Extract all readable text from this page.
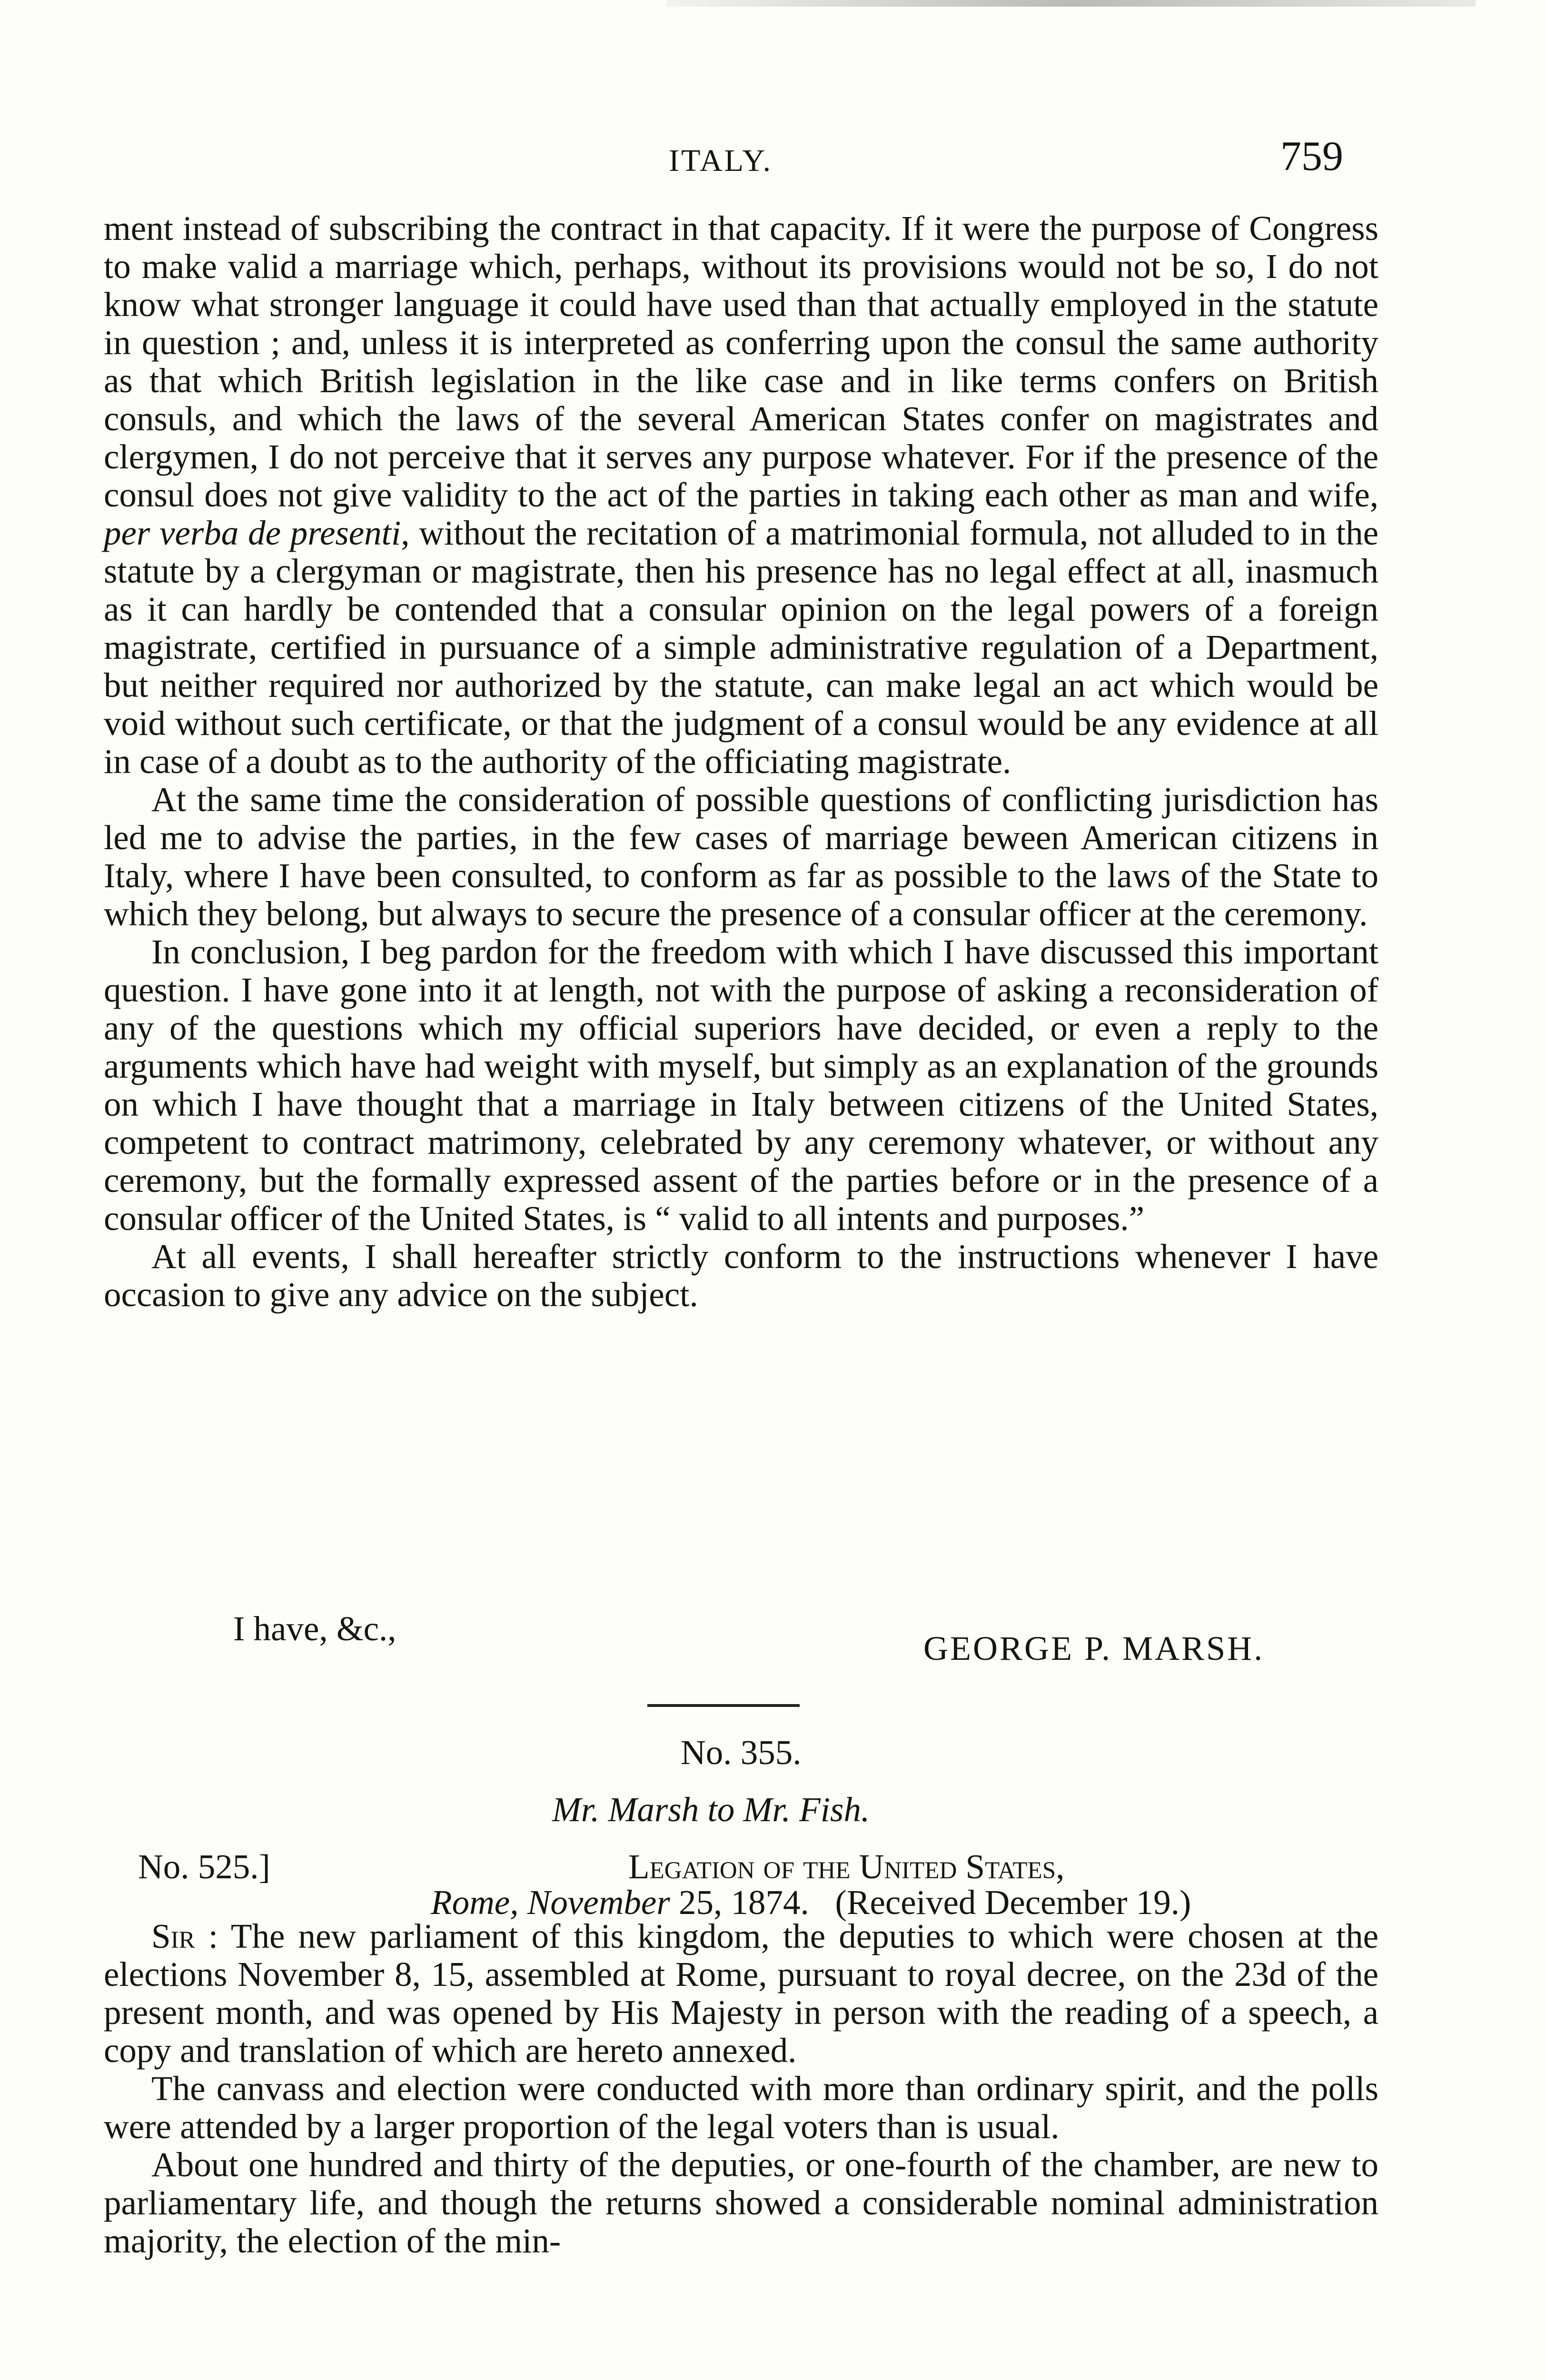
ITALY.	759

ment instead of subscribing the contract in that capacity. If it were the purpose of Congress to make valid a marriage which, perhaps, without its provisions would not be so, I do not know what stronger language it could have used than that actually employed in the statute in question ; and, unless it is interpreted as conferring upon the consul the same authority as that which British legislation in the like case and in like terms confers on British consuls, and which the laws of the several American States confer on magistrates and clergymen, I do not perceive that it serves any purpose whatever. For if the presence of the consul does not give validity to the act of the parties in taking each other as man and wife, per verba de presenti, without the recitation of a matrimonial formula, not alluded to in the statute by a clergyman or magistrate, then his presence has no legal effect at all, inasmuch as it can hardly be contended that a consular opinion on the legal powers of a foreign magistrate, certified in pursuance of a simple administrative regulation of a Department, but neither required nor authorized by the statute, can make legal an act which would be void without such certificate, or that the judgment of a consul would be any evidence at all in case of a doubt as to the authority of the officiating magistrate.

At the same time the consideration of possible questions of conflicting jurisdiction has led me to advise the parties, in the few cases of marriage beween American citizens in Italy, where I have been consulted, to conform as far as possible to the laws of the State to which they belong, but always to secure the presence of a consular officer at the ceremony.

In conclusion, I beg pardon for the freedom with which I have discussed this important question. I have gone into it at length, not with the purpose of asking a reconsideration of any of the questions which my official superiors have decided, or even a reply to the arguments which have had weight with myself, but simply as an explanation of the grounds on which I have thought that a marriage in Italy between citizens of the United States, competent to contract matrimony, celebrated by any ceremony whatever, or without any ceremony, but the formally expressed assent of the parties before or in the presence of a consular officer of the United States, is “ valid to all intents and purposes.”

At all events, I shall hereafter strictly conform to the instructions whenever I have occasion to give any advice on the subject.

I have, &c.,
GEORGE P. MARSH.
No. 355.
Mr. Marsh to Mr. Fish.
No. 525.]	Legation of the United States,
Rome, November 25, 1874. (Received December 19.)

Sir : The new parliament of this kingdom, the deputies to which were chosen at the elections November 8, 15, assembled at Rome, pursuant to royal decree, on the 23d of the present month, and was opened by His Majesty in person with the reading of a speech, a copy and translation of which are hereto annexed.

The canvass and election were conducted with more than ordinary spirit, and the polls were attended by a larger proportion of the legal voters than is usual.

About one hundred and thirty of the deputies, or one-fourth of the chamber, are new to parliamentary life, and though the returns showed a considerable nominal administration majority, the election of the min-
